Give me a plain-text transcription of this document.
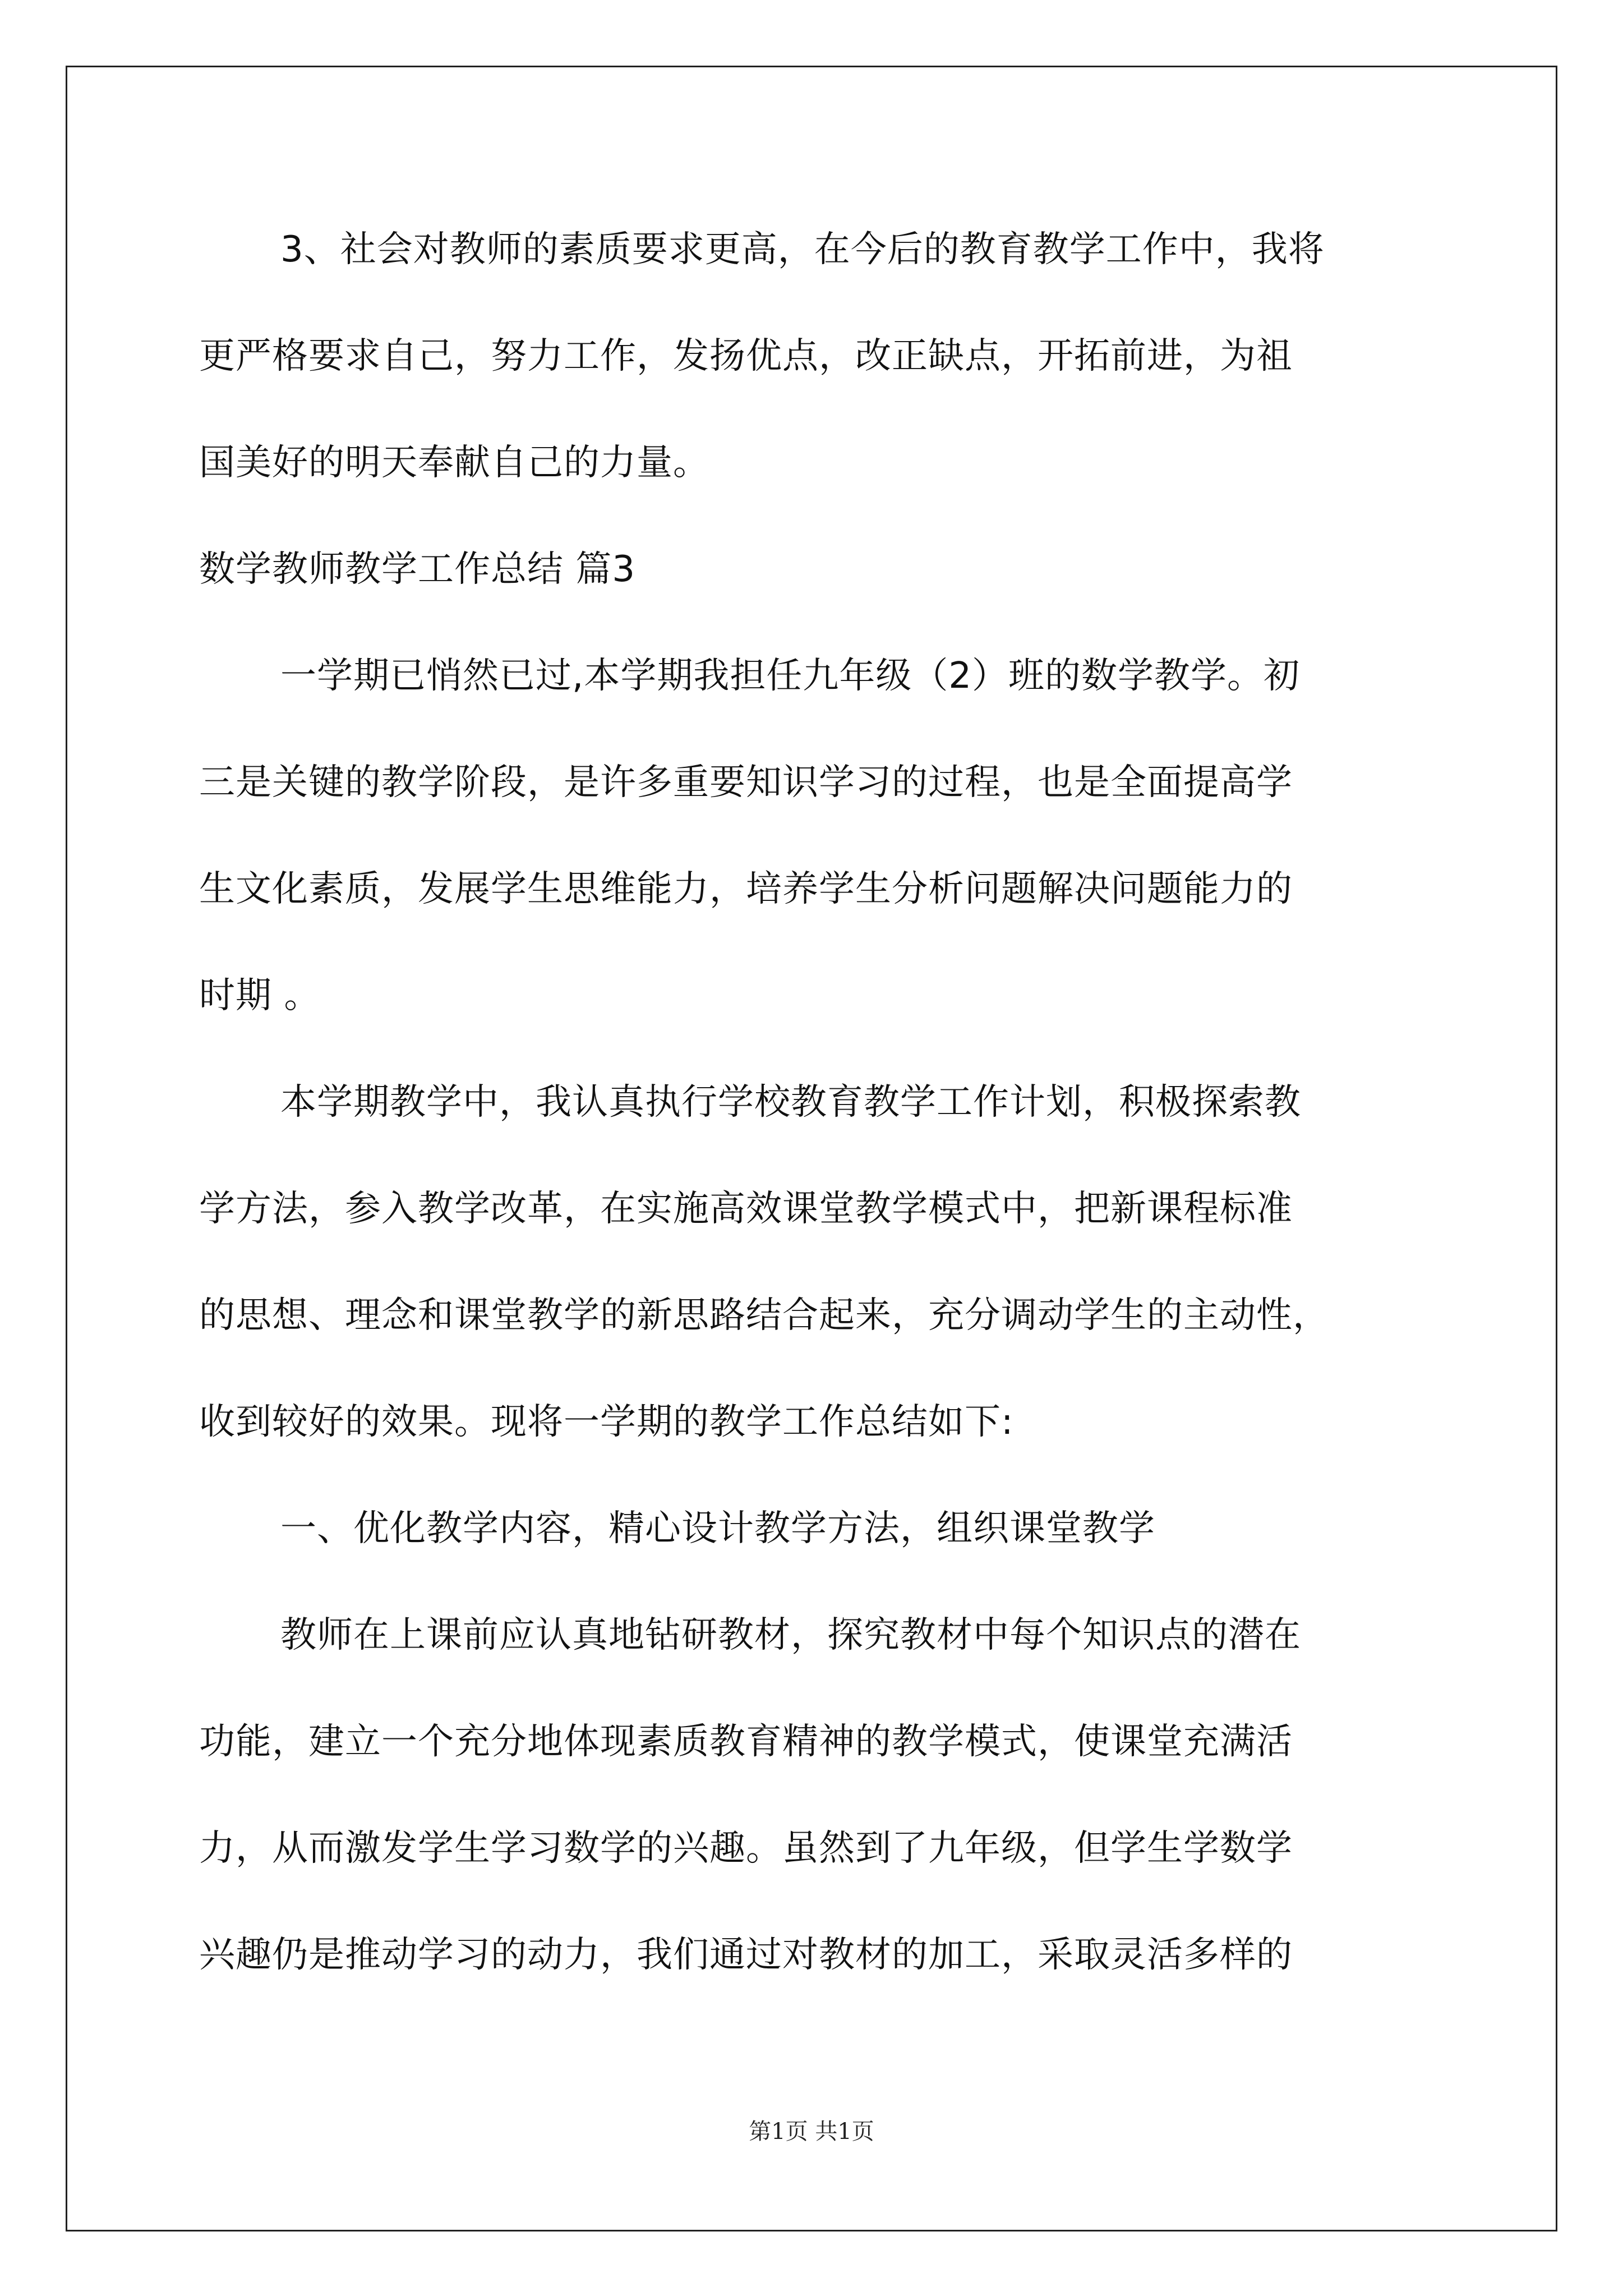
3、社会对教师的素质要求更高，在今后的教育教学工作中，我将
更严格要求自己，努力工作，发扬优点，改正缺点，开拓前进，为祖
国美好的明天奉献自己的力量。
数学教师教学工作总结 篇3
一学期已悄然已过,本学期我担任九年级（2）班的数学教学。初
三是关键的教学阶段，是许多重要知识学习的过程，也是全面提高学
生文化素质，发展学生思维能力，培养学生分析问题解决问题能力的
时期 。
本学期教学中，我认真执行学校教育教学工作计划，积极探索教
学方法，参入教学改革，在实施高效课堂教学模式中，把新课程标准
的思想、理念和课堂教学的新思路结合起来，充分调动学生的主动性，
收到较好的效果。现将一学期的教学工作总结如下:
一、优化教学内容，精心设计教学方法，组织课堂教学
教师在上课前应认真地钻研教材，探究教材中每个知识点的潜在
功能，建立一个充分地体现素质教育精神的教学模式，使课堂充满活
力，从而激发学生学习数学的兴趣。虽然到了九年级，但学生学数学
兴趣仍是推动学习的动力，我们通过对教材的加工，采取灵活多样的
第1页 共1页
